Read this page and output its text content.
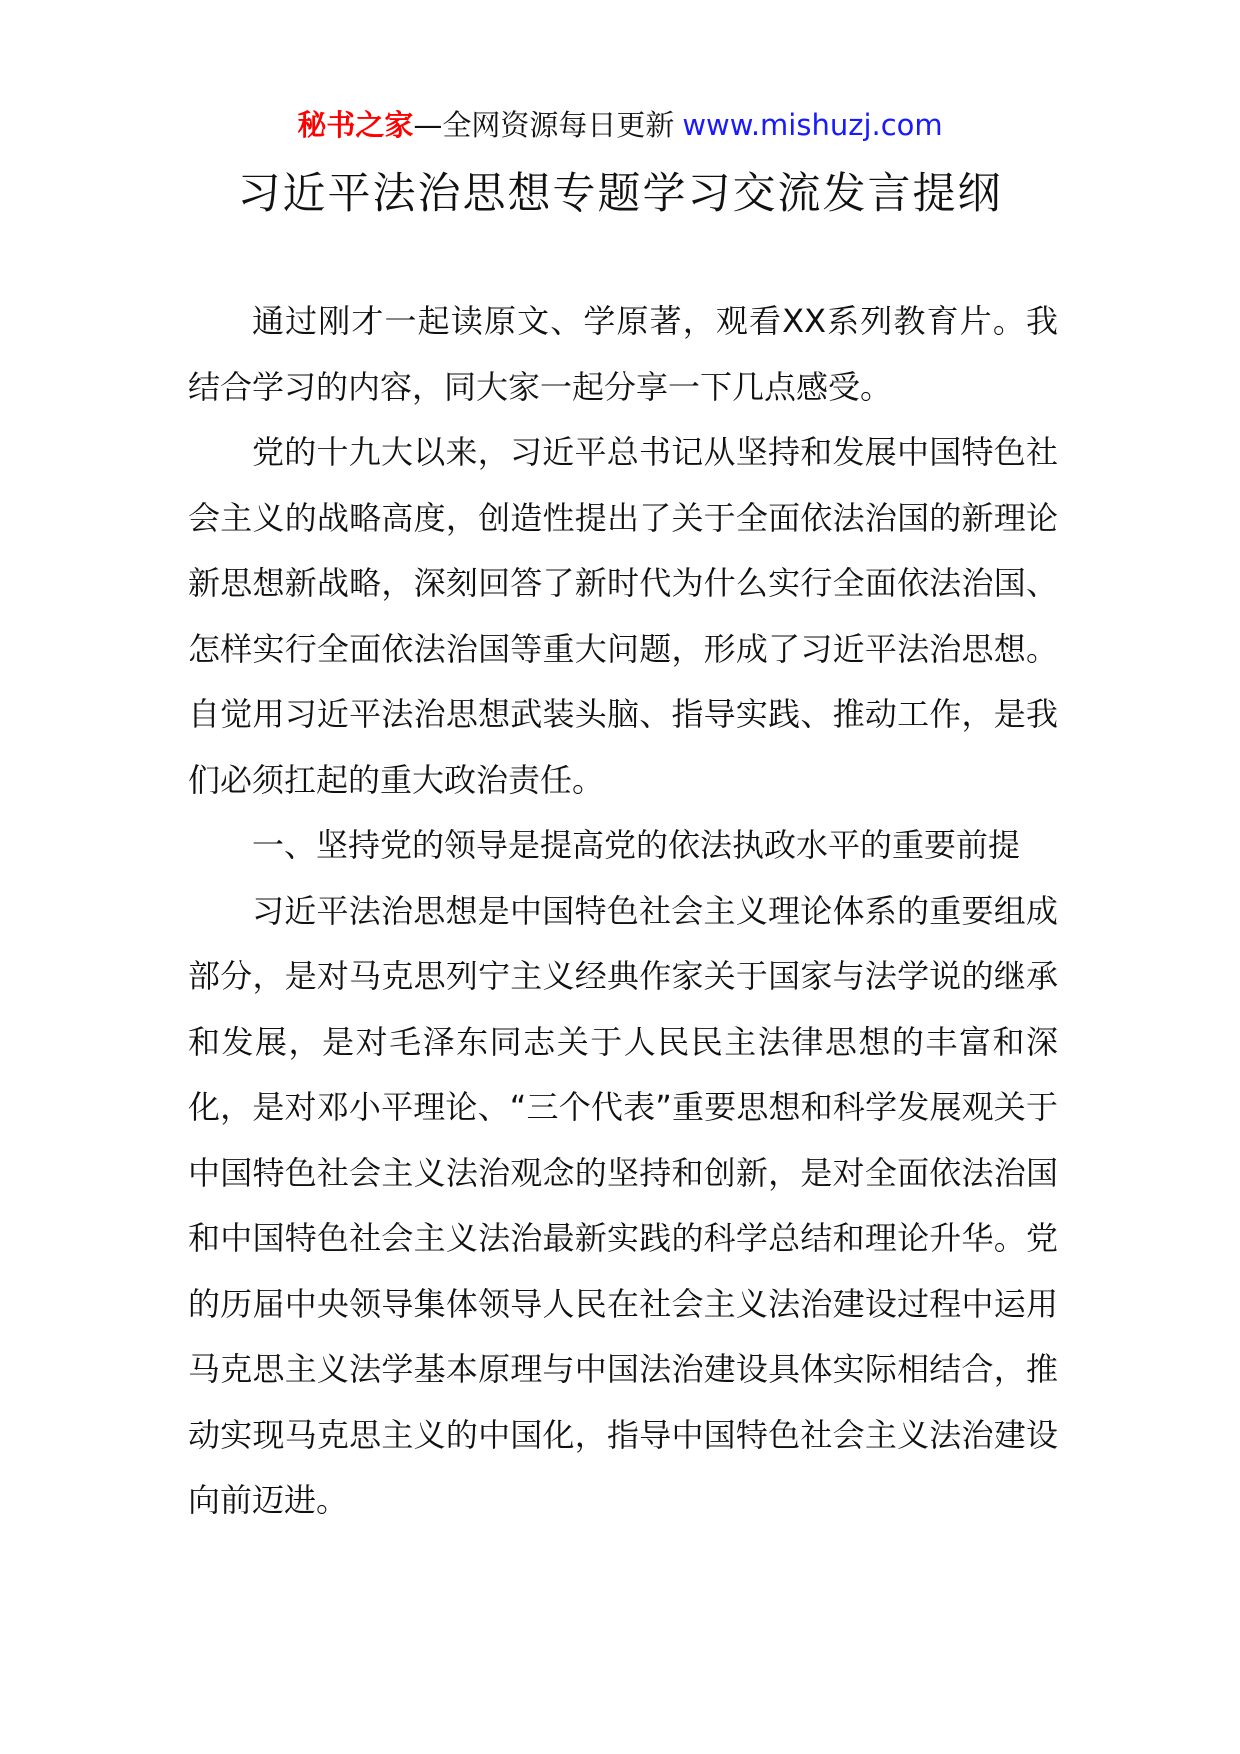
秘书之家—全网资源每日更新 www.mishuzj.com
习近平法治思想专题学习交流发言提纲

通过刚才一起读原文、学原著，观看XX系列教育片。我结合学习的内容，同大家一起分享一下几点感受。

党的十九大以来，习近平总书记从坚持和发展中国特色社会主义的战略高度，创造性提出了关于全面依法治国的新理论新思想新战略，深刻回答了新时代为什么实行全面依法治国、怎样实行全面依法治国等重大问题，形成了习近平法治思想。自觉用习近平法治思想武装头脑、指导实践、推动工作，是我们必须扛起的重大政治责任。

一、坚持党的领导是提高党的依法执政水平的重要前提

习近平法治思想是中国特色社会主义理论体系的重要组成部分，是对马克思列宁主义经典作家关于国家与法学说的继承和发展，是对毛泽东同志关于人民民主法律思想的丰富和深化，是对邓小平理论、“三个代表”重要思想和科学发展观关于中国特色社会主义法治观念的坚持和创新，是对全面依法治国和中国特色社会主义法治最新实践的科学总结和理论升华。党的历届中央领导集体领导人民在社会主义法治建设过程中运用马克思主义法学基本原理与中国法治建设具体实际相结合，推动实现马克思主义的中国化，指导中国特色社会主义法治建设向前迈进。
